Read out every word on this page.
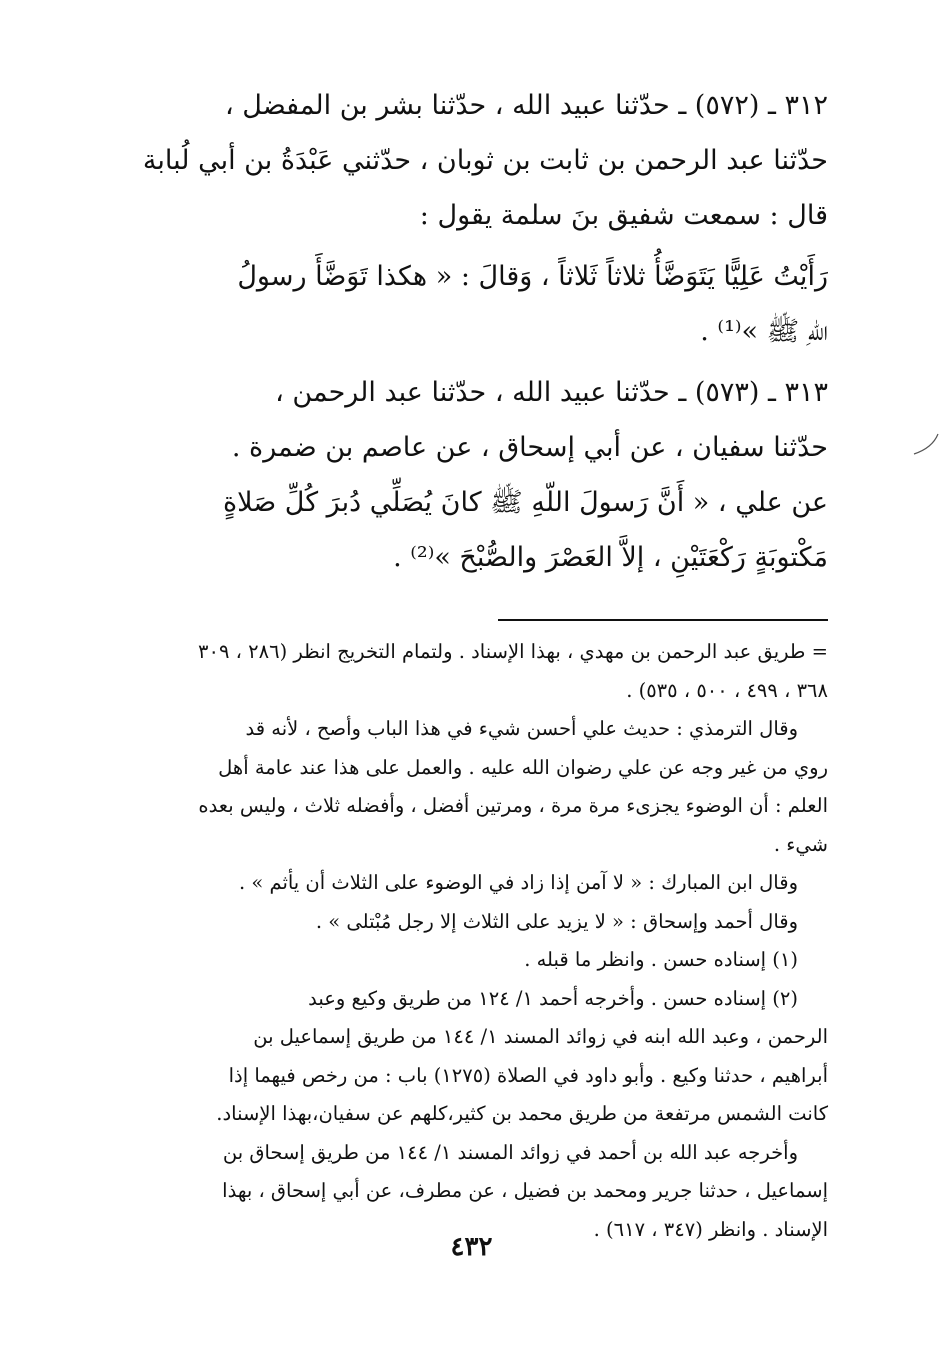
٣١٢ ـ (٥٧٢) ـ حدّثنا عبيد الله ، حدّثنا بشر بن المفضل ،

حدّثنا عبد الرحمن بن ثابت بن ثوبان ، حدّثني عَبْدَةُ بن أبي لُبابة

قال : سمعت شفيق بنَ سلمة يقول :

رَأَيْتُ عَلِيًّا يَتَوَضَّأُ ثلاثاً ثَلاثاً ، وَقالَ : « هكذا تَوَضَّأَ رسولُ

اللّهِ ﷺ »⁽¹⁾ .

٣١٣ ـ (٥٧٣) ـ حدّثنا عبيد الله ، حدّثنا عبد الرحمن ،

حدّثنا سفيان ، عن أبي إسحاق ، عن عاصم بن ضمرة .

عن علي ، « أَنَّ رَسولَ اللّهِ ﷺ كانَ يُصَلِّي دُبرَ كُلِّ صَلاةٍ

مَكْتوبَةٍ رَكْعَتَيْنِ ، إلاَّ العَصْرَ والصُّبْحَ »⁽²⁾ .

= طريق عبد الرحمن بن مهدي ، بهذا الإسناد . ولتمام التخريج انظر (٢٨٦ ، ٣٠٩

٣٦٨ ، ٤٩٩ ، ٥٠٠ ، ٥٣٥) .

وقال الترمذي : حديث علي أحسن شيء في هذا الباب وأصح ، لأنه قد

روي من غير وجه عن علي رضوان الله عليه . والعمل على هذا عند عامة أهل

العلم : أن الوضوء يجزىء مرة مرة ، ومرتين أفضل ، وأفضله ثلاث ، وليس بعده

شيء .

وقال ابن المبارك : « لا آمن إذا زاد في الوضوء على الثلاث أن يأثم » .

وقال أحمد وإسحاق : « لا يزيد على الثلاث إلا رجل مُبْتلى » .

(١) إسناده حسن . وانظر ما قبله .

(٢) إسناده حسن . وأخرجه أحمد ١/ ١٢٤ من طريق وكيع وعبد

الرحمن ، وعبد الله ابنه في زوائد المسند ١/ ١٤٤ من طريق إسماعيل بن

أبراهيم ، حدثنا وكيع . وأبو داود في الصلاة (١٢٧٥) باب : من رخص فيهما إذا

كانت الشمس مرتفعة من طريق محمد بن كثير،كلهم عن سفيان،بهذا الإسناد.

وأخرجه عبد الله بن أحمد في زوائد المسند ١/ ١٤٤ من طريق إسحاق بن

إسماعيل ، حدثنا جرير ومحمد بن فضيل ، عن مطرف، عن أبي إسحاق ، بهذا

الإسناد . وانظر (٣٤٧ ، ٦١٧) .

٤٣٢
